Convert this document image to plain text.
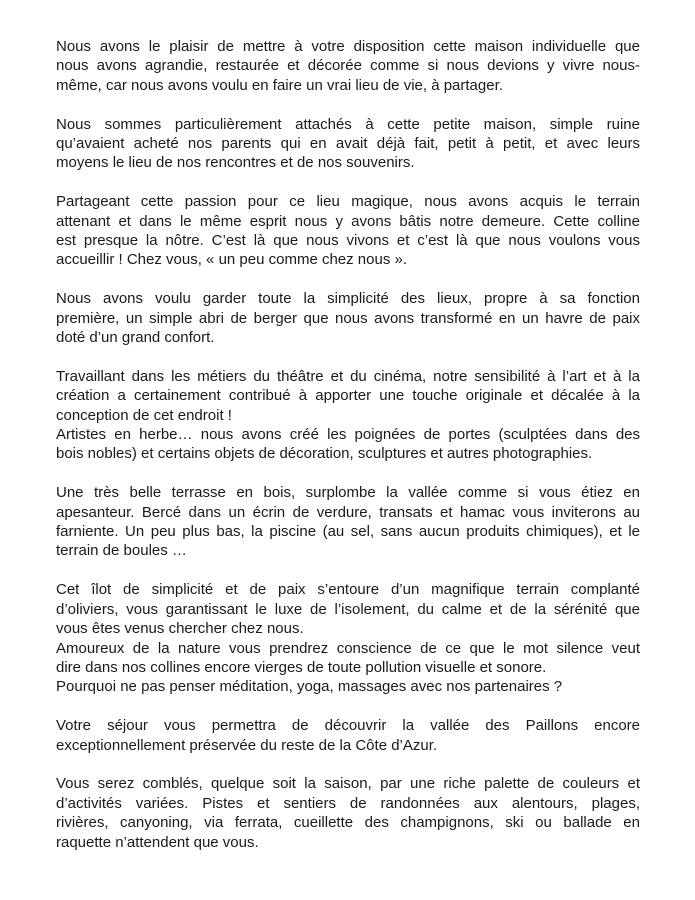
Nous avons le plaisir de mettre à votre disposition cette maison individuelle que
nous avons agrandie, restaurée et décorée comme si nous devions y vivre nous-
même, car nous avons voulu en faire un vrai lieu de vie, à partager.
Nous sommes particulièrement attachés à cette petite maison, simple ruine
qu’avaient acheté nos parents qui en avait déjà fait, petit à petit, et avec leurs
moyens le lieu de nos rencontres et de nos souvenirs.
Partageant cette passion pour ce lieu magique, nous avons acquis le terrain
attenant et dans le même esprit nous y avons bâtis notre demeure. Cette colline
est presque la nôtre. C’est là que nous vivons et c’est là que nous voulons vous
accueillir ! Chez vous, « un peu comme chez nous ».
Nous avons voulu garder toute la simplicité des lieux, propre à sa fonction
première, un simple abri de berger que nous avons transformé en un havre de paix
doté d’un grand confort.
Travaillant dans les métiers du théâtre et du cinéma, notre sensibilité à l’art et à la
création a certainement contribué à apporter une touche originale et décalée à la
conception de cet endroit !
Artistes en herbe… nous avons créé les poignées de portes (sculptées dans des
bois nobles) et certains objets de décoration, sculptures et autres photographies.
Une très belle terrasse en bois, surplombe la vallée comme si vous étiez en
apesanteur. Bercé dans un écrin de verdure, transats et hamac vous inviterons au
farniente. Un peu plus bas, la piscine (au sel, sans aucun produits chimiques), et le
terrain de boules …
Cet îlot de simplicité et de paix s’entoure d’un magnifique terrain complanté
d’oliviers, vous garantissant le luxe de l’isolement, du calme et de la sérénité que
vous êtes venus chercher chez nous.
Amoureux de la nature vous prendrez conscience de ce que le mot silence veut
dire dans nos collines encore vierges de toute pollution visuelle et sonore.
Pourquoi ne pas penser méditation, yoga, massages avec nos partenaires ?
Votre séjour vous permettra de découvrir la vallée des Paillons encore
exceptionnellement préservée du reste de la Côte d’Azur.
Vous serez comblés, quelque soit la saison, par une riche palette de couleurs et
d’activités variées. Pistes et sentiers de randonnées aux alentours, plages,
rivières, canyoning, via ferrata, cueillette des champignons, ski ou ballade en
raquette n’attendent que vous.
